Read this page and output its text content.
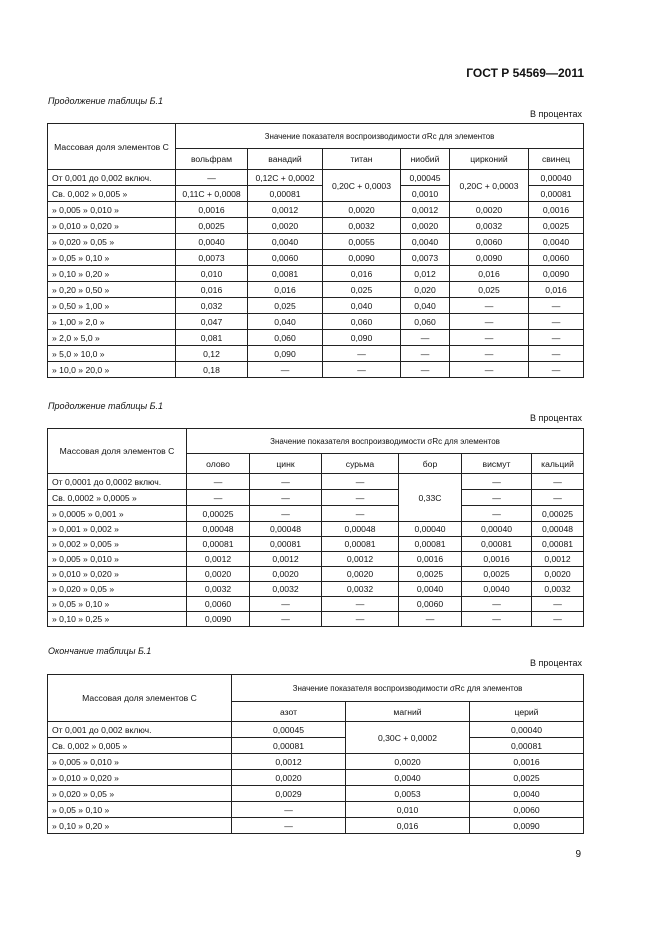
ГОСТ Р 54569—2011
Продолжение таблицы Б.1
В процентах
Массовая доля элементов C	Значение показателя воспроизводимости σRc для элементов					
	вольфрам	ванадий	титан	ниобий	цирконий	свинец
От 0,001 до 0,002 включ.	—	0,12C + 0,0002	0,20C + 0,0003	0,00045	0,20C + 0,0003	0,00040
Св. 0,002 » 0,005 »	0,11C + 0,0008	0,00081		0,0010		0,00081
» 0,005 » 0,010 »	0,0016	0,0012	0,0020	0,0012	0,0020	0,0016
» 0,010 » 0,020 »	0,0025	0,0020	0,0032	0,0020	0,0032	0,0025
» 0,020 » 0,05 »	0,0040	0,0040	0,0055	0,0040	0,0060	0,0040
» 0,05 » 0,10 »	0,0073	0,0060	0,0090	0,0073	0,0090	0,0060
» 0,10 » 0,20 »	0,010	0,0081	0,016	0,012	0,016	0,0090
» 0,20 » 0,50 »	0,016	0,016	0,025	0,020	0,025	0,016
» 0,50 » 1,00 »	0,032	0,025	0,040	0,040	—	—
» 1,00 » 2,0 »	0,047	0,040	0,060	0,060	—	—
» 2,0 » 5,0 »	0,081	0,060	0,090	—	—	—
» 5,0 » 10,0 »	0,12	0,090	—	—	—	—
» 10,0 » 20,0 »	0,18	—	—	—	—	—
Продолжение таблицы Б.1
В процентах
Массовая доля элементов C	Значение показателя воспроизводимости σRc для элементов					
	олово	цинк	сурьма	бор	висмут	кальций
От 0,0001 до 0,0002 включ.	—	—	—	0,33C	—	—
Св. 0,0002 » 0,0005 »	—	—	—		—	—
» 0,0005 » 0,001 »	0,00025	—	—		—	0,00025
» 0,001 » 0,002 »	0,00048	0,00048	0,00048	0,00040	0,00040	0,00048
» 0,002 » 0,005 »	0,00081	0,00081	0,00081	0,00081	0,00081	0,00081
» 0,005 » 0,010 »	0,0012	0,0012	0,0012	0,0016	0,0016	0,0012
» 0,010 » 0,020 »	0,0020	0,0020	0,0020	0,0025	0,0025	0,0020
» 0,020 » 0,05 »	0,0032	0,0032	0,0032	0,0040	0,0040	0,0032
» 0,05 » 0,10 »	0,0060	—	—	0,0060	—	—
» 0,10 » 0,25 »	0,0090	—	—	—	—	—
Окончание таблицы Б.1
В процентах
Массовая доля элементов C	Значение показателя воспроизводимости σRc для элементов		
	азот	магний	церий
От 0,001 до 0,002 включ.	0,00045	0,30C + 0,0002	0,00040
Св. 0,002 » 0,005 »	0,00081		0,00081
» 0,005 » 0,010 »	0,0012	0,0020	0,0016
» 0,010 » 0,020 »	0,0020	0,0040	0,0025
» 0,020 » 0,05 »	0,0029	0,0053	0,0040
» 0,05 » 0,10 »	—	0,010	0,0060
» 0,10 » 0,20 »	—	0,016	0,0090
9
